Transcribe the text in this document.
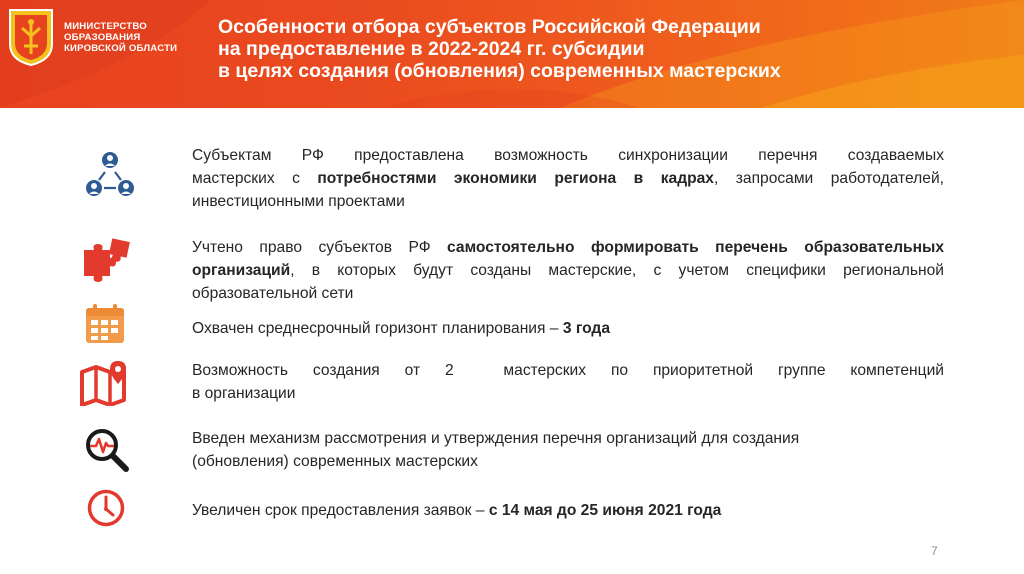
МИНИСТЕРСТВО
ОБРАЗОВАНИЯ
КИРОВСКОЙ ОБЛАСТИ
Особенности отбора субъектов Российской Федерации
на предоставление в 2022-2024 гг. субсидии
в целях создания (обновления) современных мастерских
Субъектам РФ предоставлена возможность синхронизации перечня создаваемых
мастерских с потребностями экономики региона в кадрах, запросами работодателей,
инвестиционными проектами
Учтено право субъектов РФ самостоятельно формировать перечень образовательных
организаций, в которых будут созданы мастерские, с учетом специфики региональной
образовательной сети
Охвачен среднесрочный горизонт планирования – 3 года
Возможность создания от 2  мастерских по приоритетной группе компетенций
в организации
Введен механизм рассмотрения и утверждения перечня организаций для создания
(обновления) современных мастерских
Увеличен срок предоставления заявок – с 14 мая до 25 июня 2021 года
7
